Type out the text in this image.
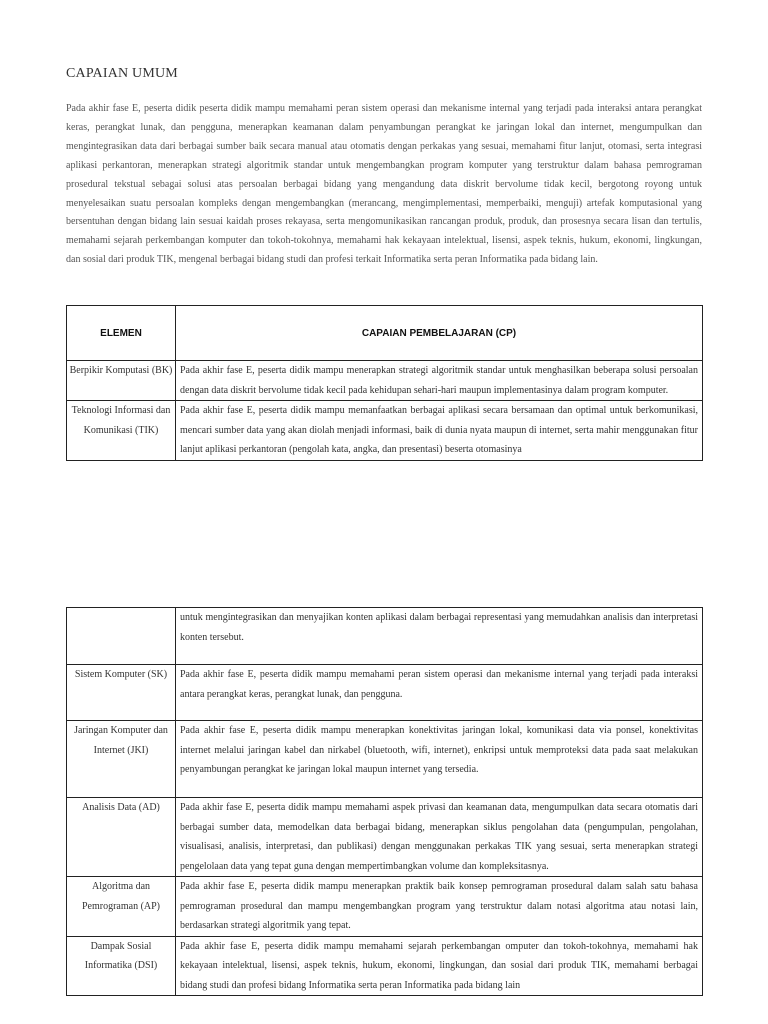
CAPAIAN UMUM

Pada akhir fase E, peserta didik peserta didik mampu memahami peran sistem operasi dan mekanisme internal yang terjadi pada interaksi antara perangkat keras, perangkat lunak, dan pengguna, menerapkan keamanan dalam penyambungan perangkat ke jaringan lokal dan internet, mengumpulkan dan mengintegrasikan data dari berbagai sumber baik secara manual atau otomatis dengan perkakas yang sesuai, memahami fitur lanjut, otomasi, serta integrasi aplikasi perkantoran, menerapkan strategi algoritmik standar untuk mengembangkan program komputer yang terstruktur dalam bahasa pemrograman prosedural tekstual sebagai solusi atas persoalan berbagai bidang yang mengandung data diskrit bervolume tidak kecil, bergotong royong untuk menyelesaikan suatu persoalan kompleks dengan mengembangkan (merancang, mengimplementasi, memperbaiki, menguji) artefak komputasional yang bersentuhan dengan bidang lain sesuai kaidah proses rekayasa, serta mengomunikasikan rancangan produk, produk, dan prosesnya secara lisan dan tertulis, memahami sejarah perkembangan komputer dan tokoh-tokohnya, memahami hak kekayaan intelektual, lisensi, aspek teknis, hukum, ekonomi, lingkungan, dan sosial dari produk TIK, mengenal berbagai bidang studi dan profesi terkait Informatika serta peran Informatika pada bidang lain.

ELEMEN	CAPAIAN PEMBELAJARAN (CP)
Berpikir Komputasi (BK)	Pada akhir fase E, peserta didik mampu menerapkan strategi algoritmik standar untuk menghasilkan beberapa solusi persoalan dengan data diskrit bervolume tidak kecil pada kehidupan sehari-hari maupun implementasinya dalam program komputer.
Teknologi Informasi dan Komunikasi (TIK)	Pada akhir fase E, peserta didik mampu memanfaatkan berbagai aplikasi secara bersamaan dan optimal untuk berkomunikasi, mencari sumber data yang akan diolah menjadi informasi, baik di dunia nyata maupun di internet, serta mahir menggunakan fitur lanjut aplikasi perkantoran (pengolah kata, angka, dan presentasi) beserta otomasinya
	untuk mengintegrasikan dan menyajikan konten aplikasi dalam berbagai representasi yang memudahkan analisis dan interpretasi konten tersebut.
Sistem Komputer (SK)	Pada akhir fase E, peserta didik mampu memahami peran sistem operasi dan mekanisme internal yang terjadi pada interaksi antara perangkat keras, perangkat lunak, dan pengguna.
Jaringan Komputer dan Internet (JKI)	Pada akhir fase E, peserta didik mampu menerapkan konektivitas jaringan lokal, komunikasi data via ponsel, konektivitas internet melalui jaringan kabel dan nirkabel (bluetooth, wifi, internet), enkripsi untuk memproteksi data pada saat melakukan penyambungan perangkat ke jaringan lokal maupun internet yang tersedia.
Analisis Data (AD)	Pada akhir fase E, peserta didik mampu memahami aspek privasi dan keamanan data, mengumpulkan data secara otomatis dari berbagai sumber data, memodelkan data berbagai bidang, menerapkan siklus pengolahan data (pengumpulan, pengolahan, visualisasi, analisis, interpretasi, dan publikasi) dengan menggunakan perkakas TIK yang sesuai, serta menerapkan strategi pengelolaan data yang tepat guna dengan mempertimbangkan volume dan kompleksitasnya.
Algoritma dan Pemrograman (AP)	Pada akhir fase E, peserta didik mampu menerapkan praktik baik konsep pemrograman prosedural dalam salah satu bahasa pemrograman prosedural dan mampu mengembangkan program yang terstruktur dalam notasi algoritma atau notasi lain, berdasarkan strategi algoritmik yang tepat.
Dampak Sosial Informatika (DSI)	Pada akhir fase E, peserta didik mampu memahami sejarah perkembangan omputer dan tokoh-tokohnya, memahami hak kekayaan intelektual, lisensi, aspek teknis, hukum, ekonomi, lingkungan, dan sosial dari produk TIK, memahami berbagai bidang studi dan profesi bidang Informatika serta peran Informatika pada bidang lain
